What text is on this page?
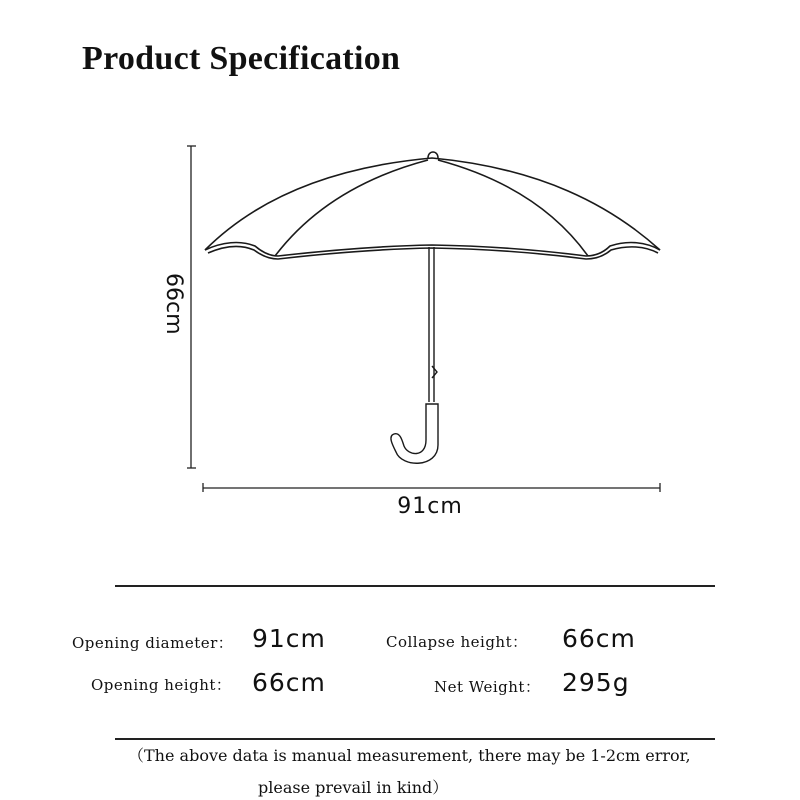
Product Specification
66cm
91cm
Opening diameter： 91cm	Collapse height： 66cm
Opening height： 66cm	Net Weight： 295g
（The above data is manual measurement, there may be 1-2cm error,
please prevail in kind）
